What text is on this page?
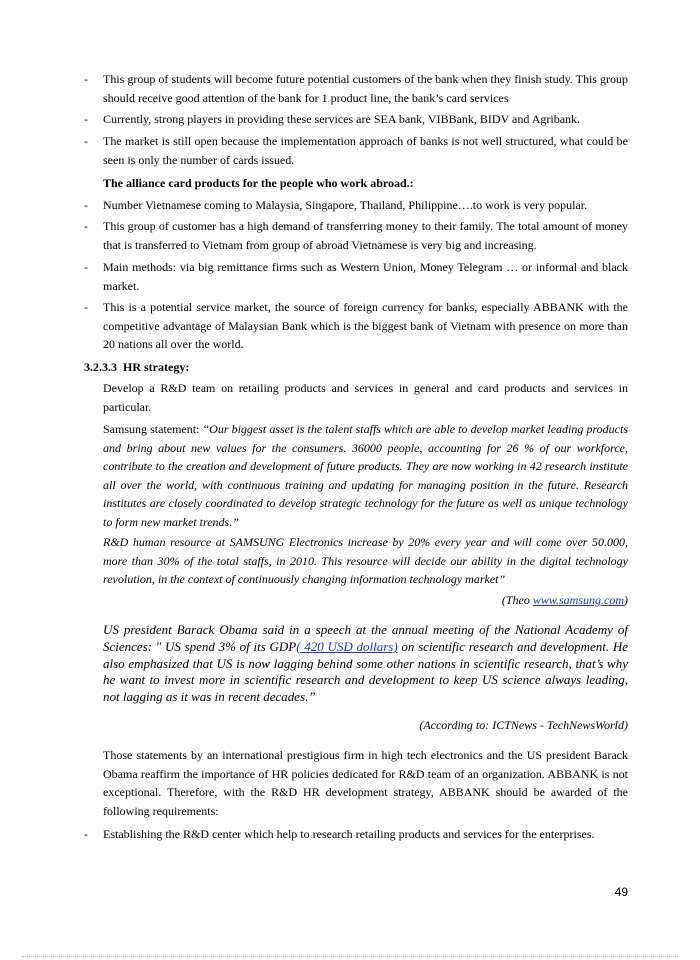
- This group of students will become future potential customers of the bank when they finish study. This group should receive good attention of the bank for 1 product line, the bank’s card services

- Currently, strong players in providing these services are SEA bank, VIBBank, BIDV and Agribank.

- The market is still open because the implementation approach of banks is not well structured, what could be seen is only the number of cards issued.

The alliance card products for the people who work abroad.:

- Number Vietnamese coming to Malaysia, Singapore, Thailand, Philippine….to work is very popular.

- This group of customer has a high demand of transferring money to their family. The total amount of money that is transferred to Vietnam from group of abroad Vietnamese is very big and increasing.

- Main methods: via big remittance firms such as Western Union, Money Telegram … or informal and black market.

- This is a potential service market, the source of foreign currency for banks, especially ABBANK with the competitive advantage of Malaysian Bank which is the biggest bank of Vietnam with presence on more than 20 nations all over the world.

3.2.3.3 HR strategy:

Develop a R&D team on retailing products and services in general and card products and services in particular.

Samsung statement: “Our biggest asset is the talent staffs which are able to develop market leading products and bring about new values for the consumers. 36000 people, accounting for 26 % of our workforce, contribute to the creation and development of future products. They are now working in 42 research institute all over the world, with continuous training and updating for managing position in the future. Research institutes are closely coordinated to develop strategic technology for the future as well as unique technology to form new market trends.”

R&D human resource at SAMSUNG Electronics increase by 20% every year and will come over 50.000, more than 30% of the total staffs, in 2010. This resource will decide our ability in the digital technology revolution, in the context of continuously changing information technology market”

(Theo www.samsung.com)

US president Barack Obama said in a speech at the annual meeting of the National Academy of Sciences: " US spend 3% of its GDP( 420 USD dollars) on scientific research and development. He also emphasized that US is now lagging behind some other nations in scientific research, that’s why he want to invest more in scientific research and development to keep US science always leading, not lagging as it was in recent decades.”

(According to: ICTNews - TechNewsWorld)

Those statements by an international prestigious firm in high tech electronics and the US president Barack Obama reaffirm the importance of HR policies dedicated for R&D team of an organization. ABBANK is not exceptional. Therefore, with the R&D HR development strategy, ABBANK should be awarded of the following requirements:

- Establishing the R&D center which help to research retailing products and services for the enterprises.

49
